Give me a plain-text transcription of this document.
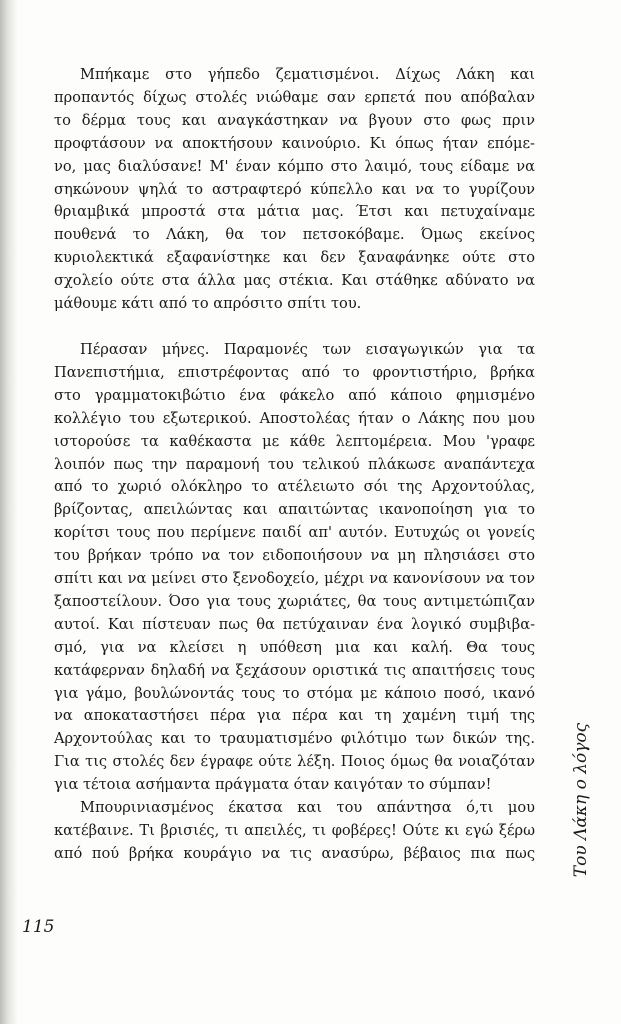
Μπήκαμε στο γήπεδο ζεματισμένοι. Δίχως Λάκη και
προπαντός δίχως στολές νιώθαμε σαν ερπετά που απόβαλαν
το δέρμα τους και αναγκάστηκαν να βγουν στο φως πριν
προφτάσουν να αποκτήσουν καινούριο. Κι όπως ήταν επόμε-
νο, μας διαλύσανε! Μ' έναν κόμπο στο λαιμό, τους είδαμε να
σηκώνουν ψηλά το αστραφτερό κύπελλο και να το γυρίζουν
θριαμβικά μπροστά στα μάτια μας. Έτσι και πετυχαίναμε
πουθενά το Λάκη, θα τον πετσοκόβαμε. Όμως εκείνος
κυριολεκτικά εξαφανίστηκε και δεν ξαναφάνηκε ούτε στο
σχολείο ούτε στα άλλα μας στέκια. Και στάθηκε αδύνατο να
μάθουμε κάτι από το απρόσιτο σπίτι του.

Πέρασαν μήνες. Παραμονές των εισαγωγικών για τα
Πανεπιστήμια, επιστρέφοντας από το φροντιστήριο, βρήκα
στο γραμματοκιβώτιο ένα φάκελο από κάποιο φημισμένο
κολλέγιο του εξωτερικού. Αποστολέας ήταν ο Λάκης που μου
ιστορούσε τα καθέκαστα με κάθε λεπτομέρεια. Μου 'γραφε
λοιπόν πως την παραμονή του τελικού πλάκωσε αναπάντεχα
από το χωριό ολόκληρο το ατέλειωτο σόι της Αρχοντούλας,
βρίζοντας, απειλώντας και απαιτώντας ικανοποίηση για το
κορίτσι τους που περίμενε παιδί απ' αυτόν. Ευτυχώς οι γονείς
του βρήκαν τρόπο να τον ειδοποιήσουν να μη πλησιάσει στο
σπίτι και να μείνει στο ξενοδοχείο, μέχρι να κανονίσουν να τον
ξαποστείλουν. Όσο για τους χωριάτες, θα τους αντιμετώπιζαν
αυτοί. Και πίστευαν πως θα πετύχαιναν ένα λογικό συμβιβα-
σμό, για να κλείσει η υπόθεση μια και καλή. Θα τους
κατάφερναν δηλαδή να ξεχάσουν οριστικά τις απαιτήσεις τους
για γάμο, βουλώνοντάς τους το στόμα με κάποιο ποσό, ικανό
να αποκαταστήσει πέρα για πέρα και τη χαμένη τιμή της
Αρχοντούλας και το τραυματισμένο φιλότιμο των δικών της.
Για τις στολές δεν έγραφε ούτε λέξη. Ποιος όμως θα νοιαζόταν
για τέτοια ασήμαντα πράγματα όταν καιγόταν το σύμπαν!

Μπουρινιασμένος έκατσα και του απάντησα ό,τι μου
κατέβαινε. Τι βρισιές, τι απειλές, τι φοβέρες! Ούτε κι εγώ ξέρω
από πού βρήκα κουράγιο να τις ανασύρω, βέβαιος πια πως

115
Του Λάκη ο λόγος
